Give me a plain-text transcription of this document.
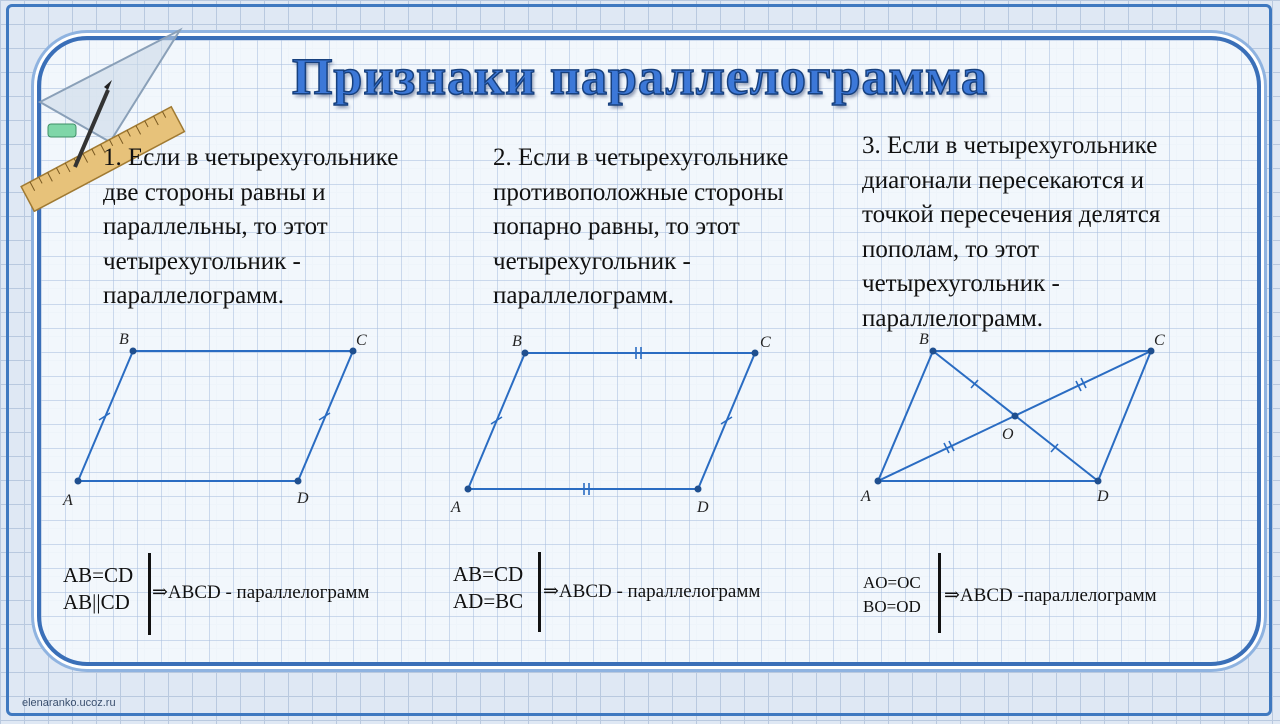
Признаки параллелограмма
1. Если в четырехугольнике
две стороны равны и
параллельны, то этот
четырехугольник -
параллелограмм.
2. Если в четырехугольнике
противоположные стороны
попарно равны, то этот
четырехугольник -
параллелограмм.
3. Если в четырехугольнике
диагонали пересекаются и
точкой пересечения делятся
пополам, то этот
четырехугольник -
параллелограмм.
A
B	C
D
A
B	C
D
A
B	C
D
O
AB=CD
AB||CD ⇒ABCD - параллелограмм
AB=CD
AD=BC ⇒ABCD - параллелограмм	AO=OC
BO=OD
⇒ABCD -параллелограмм
elenaranko.ucoz.ru
